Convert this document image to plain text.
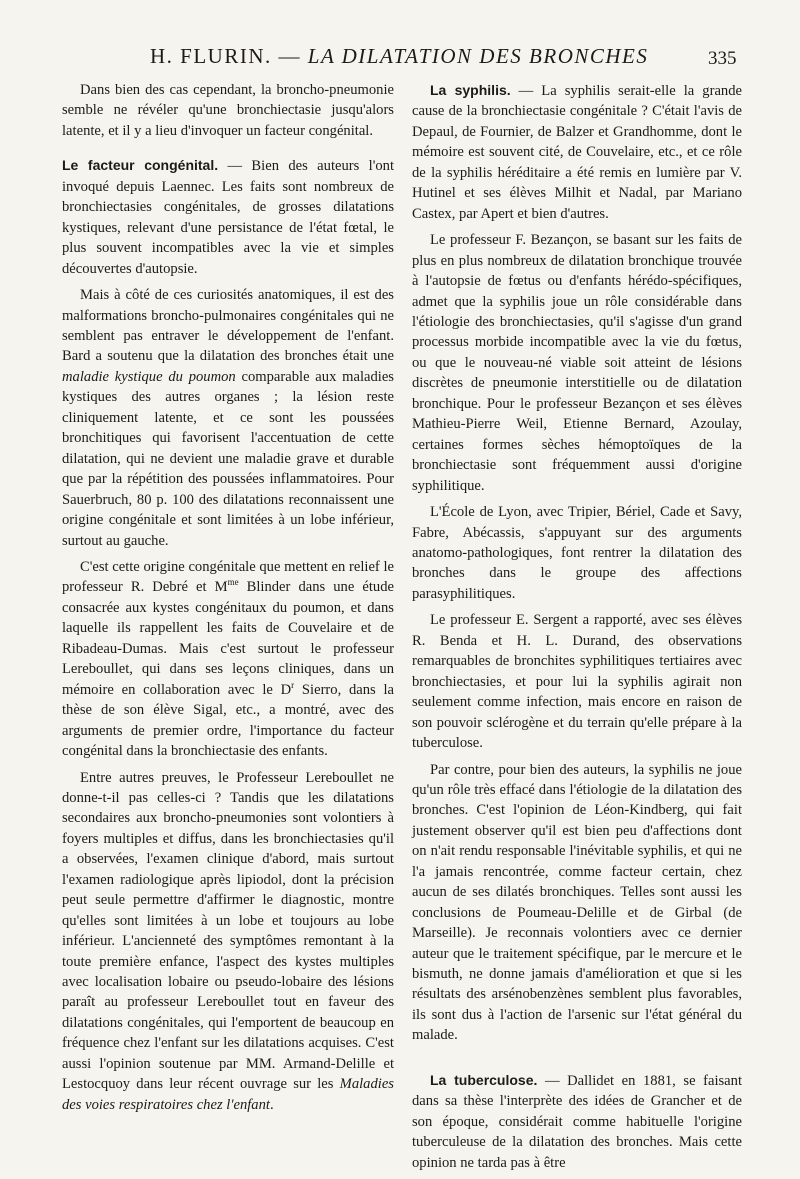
H. FLURIN. — LA DILATATION DES BRONCHES	335

Dans bien des cas cependant, la broncho-pneumonie semble ne révéler qu'une bronchiectasie jusqu'alors latente, et il y a lieu d'invoquer un facteur congénital.

Le facteur congénital. — Bien des auteurs l'ont invoqué depuis Laennec. Les faits sont nombreux de bronchiectasies congénitales, de grosses dilatations kystiques, relevant d'une persistance de l'état fœtal, le plus souvent incompatibles avec la vie et simples découvertes d'autopsie.

Mais à côté de ces curiosités anatomiques, il est des malformations broncho-pulmonaires congénitales qui ne semblent pas entraver le développement de l'enfant. Bard a soutenu que la dilatation des bronches était une maladie kystique du poumon comparable aux maladies kystiques des autres organes ; la lésion reste cliniquement latente, et ce sont les poussées bronchitiques qui favorisent l'accentuation de cette dilatation, qui ne devient une maladie grave et durable que par la répétition des poussées inflammatoires. Pour Sauerbruch, 80 p. 100 des dilatations reconnaissent une origine congénitale et sont limitées à un lobe inférieur, surtout au gauche.

C'est cette origine congénitale que mettent en relief le professeur R. Debré et $M^{me}$ Blinder dans une étude consacrée aux kystes congénitaux du poumon, et dans laquelle ils rappellent les faits de Couvelaire et de Ribadeau-Dumas. Mais c'est surtout le professeur Lereboullet, qui dans ses leçons cliniques, dans un mémoire en collaboration avec le $D^r$ Sierro, dans la thèse de son élève Sigal, etc., a montré, avec des arguments de premier ordre, l'importance du facteur congénital dans la bronchiectasie des enfants.

Entre autres preuves, le Professeur Lereboullet ne donne-t-il pas celles-ci ? Tandis que les dilatations secondaires aux broncho-pneumonies sont volontiers à foyers multiples et diffus, dans les bronchiectasies qu'il a observées, l'examen clinique d'abord, mais surtout l'examen radiologique après lipiodol, dont la précision peut seule permettre d'affirmer le diagnostic, montre qu'elles sont limitées à un lobe et toujours au lobe inférieur. L'ancienneté des symptômes remontant à la toute première enfance, l'aspect des kystes multiples avec localisation lobaire ou pseudo-lobaire des lésions paraît au professeur Lereboullet tout en faveur des dilatations congénitales, qui l'emportent de beaucoup en fréquence chez l'enfant sur les dilatations acquises. C'est aussi l'opinion soutenue par MM. Armand-Delille et Lestocquoy dans leur récent ouvrage sur les Maladies des voies respiratoires chez l'enfant.

La syphilis. — La syphilis serait-elle la grande cause de la bronchiectasie congénitale ? C'était l'avis de Depaul, de Fournier, de Balzer et Grandhomme, dont le mémoire est souvent cité, de Couvelaire, etc., et ce rôle de la syphilis héréditaire a été remis en lumière par V. Hutinel et ses élèves Milhit et Nadal, par Mariano Castex, par Apert et bien d'autres.

Le professeur F. Bezançon, se basant sur les faits de plus en plus nombreux de dilatation bronchique trouvée à l'autopsie de fœtus ou d'enfants hérédo-spécifiques, admet que la syphilis joue un rôle considérable dans l'étiologie des bronchiectasies, qu'il s'agisse d'un grand processus morbide incompatible avec la vie du fœtus, ou que le nouveau-né viable soit atteint de lésions discrètes de pneumonie interstitielle ou de dilatation bronchique. Pour le professeur Bezançon et ses élèves Mathieu-Pierre Weil, Etienne Bernard, Azoulay, certaines formes sèches hémoptoïques de la bronchiectasie sont fréquemment aussi d'origine syphilitique.

L'École de Lyon, avec Tripier, Bériel, Cade et Savy, Fabre, Abécassis, s'appuyant sur des arguments anatomo-pathologiques, font rentrer la dilatation des bronches dans le groupe des affections parasyphilitiques.

Le professeur E. Sergent a rapporté, avec ses élèves R. Benda et H. L. Durand, des observations remarquables de bronchites syphilitiques tertiaires avec bronchiectasies, et pour lui la syphilis agirait non seulement comme infection, mais encore en raison de son pouvoir sclérogène et du terrain qu'elle prépare à la tuberculose.

Par contre, pour bien des auteurs, la syphilis ne joue qu'un rôle très effacé dans l'étiologie de la dilatation des bronches. C'est l'opinion de Léon-Kindberg, qui fait justement observer qu'il est bien peu d'affections dont on n'ait rendu responsable l'inévitable syphilis, et qui ne l'a jamais rencontrée, comme facteur certain, chez aucun de ses dilatés bronchiques. Telles sont aussi les conclusions de Poumeau-Delille et de Girbal (de Marseille). Je reconnais volontiers avec ce dernier auteur que le traitement spécifique, par le mercure et le bismuth, ne donne jamais d'amélioration et que si les résultats des arsénobenzènes semblent plus favorables, ils sont dus à l'action de l'arsenic sur l'état général du malade.

La tuberculose. — Dallidet en 1881, se faisant dans sa thèse l'interprète des idées de Grancher et de son époque, considérait comme habituelle l'origine tuberculeuse de la dilatation des bronches. Mais cette opinion ne tarda pas à être
